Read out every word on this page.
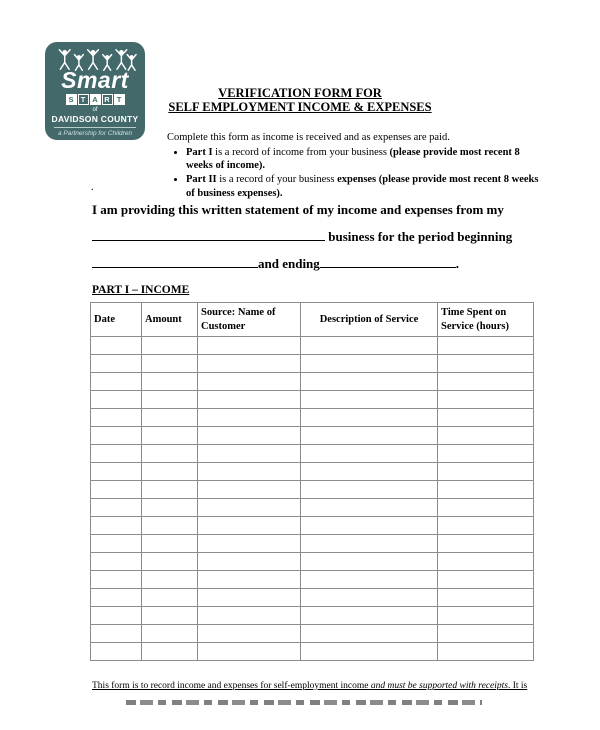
Smart
S T A R T
of
DAVIDSON COUNTY
a Partnership for Children
VERIFICATION FORM FOR
SELF EMPLOYMENT INCOME & EXPENSES
Complete this form as income is received and as expenses are paid.
• Part I is a record of income from your business (please provide most recent 8 weeks of income).
• Part II is a record of your business expenses (please provide most recent 8 weeks of business expenses).
.
I am providing this written statement of my income and expenses from my
business for the period beginning
and ending	.
PART I – INCOME
Date	Amount	Source: Name of Customer	Description of Service	Time Spent on Service (hours)

This form is to record income and expenses for self-employment income and must be supported with receipts. It is
